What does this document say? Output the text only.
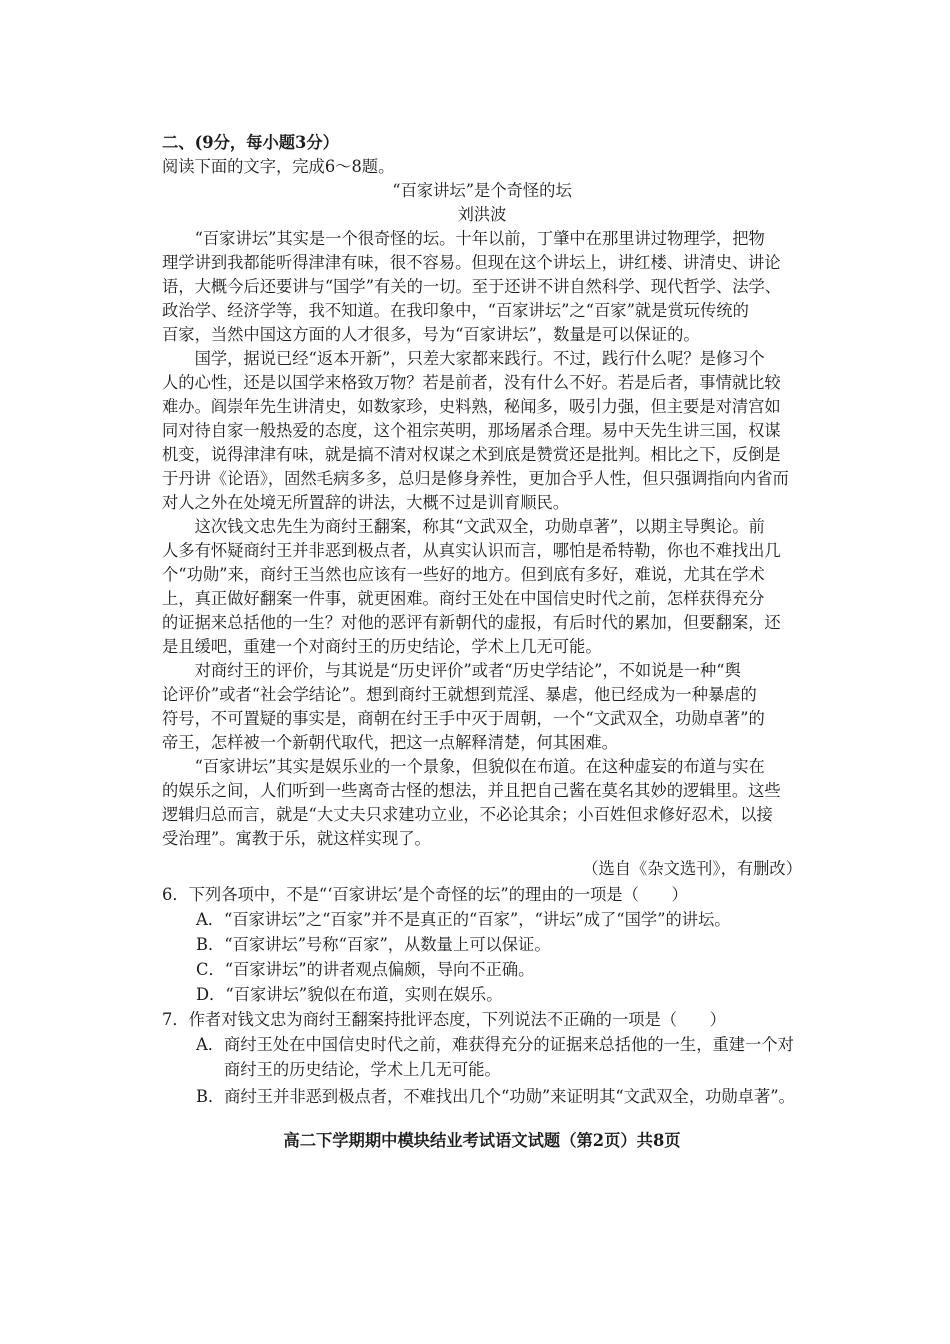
二、(9分，每小题3分）
阅读下面的文字，完成6～8题。
“百家讲坛”是个奇怪的坛
刘洪波
　　“百家讲坛”其实是一个很奇怪的坛。十年以前，丁肇中在那里讲过物理学，把物
理学讲到我都能听得津津有味，很不容易。但现在这个讲坛上，讲红楼、讲清史、讲论
语，大概今后还要讲与“国学”有关的一切。至于还讲不讲自然科学、现代哲学、法学、
政治学、经济学等，我不知道。在我印象中，“百家讲坛”之“百家”就是赏玩传统的
百家，当然中国这方面的人才很多，号为“百家讲坛”，数量是可以保证的。
　　国学，据说已经“返本开新”，只差大家都来践行。不过，践行什么呢？是修习个
人的心性，还是以国学来格致万物？若是前者，没有什么不好。若是后者，事情就比较
难办。阎崇年先生讲清史，如数家珍，史料熟，秘闻多，吸引力强，但主要是对清宫如
同对待自家一般热爱的态度，这个祖宗英明，那场屠杀合理。易中天先生讲三国，权谋
机变，说得津津有味，就是搞不清对权谋之术到底是赞赏还是批判。相比之下，反倒是
于丹讲《论语》，固然毛病多多，总归是修身养性，更加合乎人性，但只强调指向内省而
对人之外在处境无所置辞的讲法，大概不过是训育顺民。
　　这次钱文忠先生为商纣王翻案，称其“文武双全，功勋卓著”，以期主导舆论。前
人多有怀疑商纣王并非恶到极点者，从真实认识而言，哪怕是希特勒，你也不难找出几
个“功勋”来，商纣王当然也应该有一些好的地方。但到底有多好，难说，尤其在学术
上，真正做好翻案一件事，就更困难。商纣王处在中国信史时代之前，怎样获得充分
的证据来总括他的一生？对他的恶评有新朝代的虚报，有后时代的累加，但要翻案，还
是且缓吧，重建一个对商纣王的历史结论，学术上几无可能。
　　对商纣王的评价，与其说是“历史评价”或者“历史学结论”，不如说是一种“舆
论评价”或者“社会学结论”。想到商纣王就想到荒淫、暴虐，他已经成为一种暴虐的
符号，不可置疑的事实是，商朝在纣王手中灭于周朝，一个“文武双全，功勋卓著”的
帝王，怎样被一个新朝代取代，把这一点解释清楚，何其困难。
　　“百家讲坛”其实是娱乐业的一个景象，但貌似在布道。在这种虚妄的布道与实在
的娱乐之间，人们听到一些离奇古怪的想法，并且把自己酱在莫名其妙的逻辑里。这些
逻辑归总而言，就是“大丈夫只求建功立业，不必论其余；小百姓但求修好忍术，以接
受治理”。寓教于乐，就这样实现了。
（选自《杂文选刊》，有删改）
6．下列各项中，不是“‘百家讲坛’是个奇怪的坛”的理由的一项是（　　）
A．“百家讲坛”之“百家”并不是真正的“百家”，“讲坛”成了“国学”的讲坛。
B．“百家讲坛”号称“百家”，从数量上可以保证。
C．“百家讲坛”的讲者观点偏颇，导向不正确。
D．“百家讲坛”貌似在布道，实则在娱乐。
7．作者对钱文忠为商纣王翻案持批评态度，下列说法不正确的一项是（　　）
A．商纣王处在中国信史时代之前，难获得充分的证据来总括他的一生，重建一个对
商纣王的历史结论，学术上几无可能。
B．商纣王并非恶到极点者，不难找出几个“功勋”来证明其“文武双全，功勋卓著”。
高二下学期期中模块结业考试语文试题（第2页）共8页
